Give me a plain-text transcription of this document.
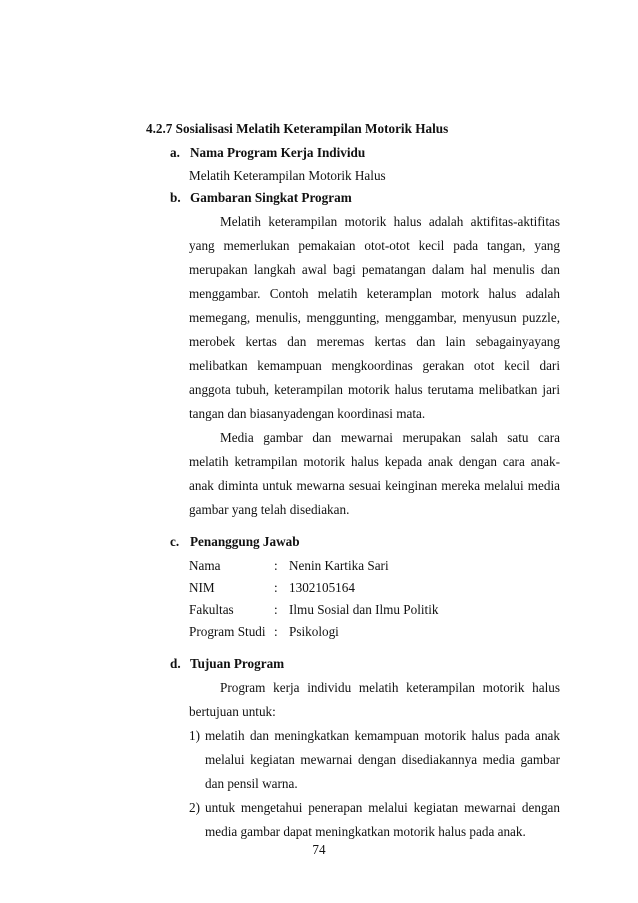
4.2.7 Sosialisasi Melatih Keterampilan Motorik Halus
a. Nama Program Kerja Individu
Melatih Keterampilan Motorik Halus
b. Gambaran Singkat Program
Melatih keterampilan motorik halus adalah aktifitas-aktifitas
yang memerlukan pemakaian otot-otot kecil pada tangan, yang
merupakan langkah awal bagi pematangan dalam hal menulis dan
menggambar. Contoh melatih keteramplan motork halus adalah
memegang, menulis, menggunting, menggambar, menyusun puzzle,
merobek kertas dan meremas kertas dan lain sebagainyayang
melibatkan kemampuan mengkoordinas gerakan otot kecil dari
anggota tubuh, keterampilan motorik halus terutama melibatkan jari
tangan dan biasanyadengan koordinasi mata.
Media gambar dan mewarnai merupakan salah satu cara
melatih ketrampilan motorik halus kepada anak dengan cara anak-
anak diminta untuk mewarna sesuai keinginan mereka melalui media
gambar yang telah disediakan.
c. Penanggung Jawab
Nama	: Nenin Kartika Sari
NIM	: 1302105164
Fakultas	: Ilmu Sosial dan Ilmu Politik
Program Studi : Psikologi
d. Tujuan Program
Program kerja individu melatih keterampilan motorik halus
bertujuan untuk:
1) melatih dan meningkatkan kemampuan motorik halus pada anak
melalui kegiatan mewarnai dengan disediakannya media gambar
dan pensil warna.
2) untuk mengetahui penerapan melalui kegiatan mewarnai dengan
media gambar dapat meningkatkan motorik halus pada anak.
74
